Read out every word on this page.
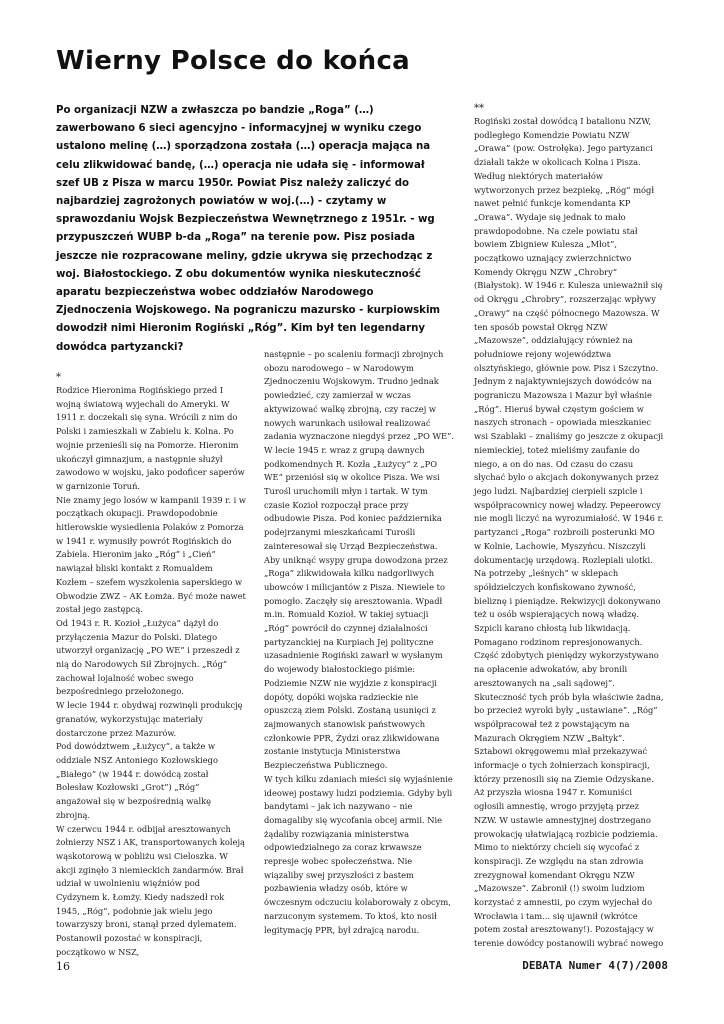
Wierny Polsce do końca

Po organizacji NZW a zwłaszcza po bandzie „Roga” (…) zawerbowano 6 sieci agencyjno - informacyjnej w wyniku czego ustalono melinę (…) sporządzona została (…) operacja mająca na celu zlikwidować bandę, (…) operacja nie udała się - informował szef UB z Pisza w marcu 1950r. Powiat Pisz należy zaliczyć do najbardziej zagrożonych powiatów w woj.(…) - czytamy w sprawozdaniu Wojsk Bezpieczeństwa Wewnętrznego z 1951r. - wg przypuszczeń WUBP b-da „Roga” na terenie pow. Pisz posiada jeszcze nie rozpracowane meliny, gdzie ukrywa się przechodząc z woj. Białostockiego. Z obu dokumentów wynika nieskuteczność aparatu bezpieczeństwa wobec oddziałów Narodowego Zjednoczenia Wojskowego. Na pograniczu mazursko - kurpiowskim dowodził nimi Hieronim Rogiński „Róg”. Kim był ten legendarny dowódca partyzancki?

*

Rodzice Hieronima Rogińskiego przed I wojną światową wyjechali do Ameryki. W 1911 r. doczekali się syna. Wrócili z nim do Polski i zamieszkali w Zabielu k. Kolna. Po wojnie przenieśli się na Pomorze. Hieronim ukończył gimnazjum, a następnie służył zawodowo w wojsku, jako podoficer saperów w garnizonie Toruń.

Nie znamy jego losów w kampanii 1939 r. i w początkach okupacji. Prawdopodobnie hitlerowskie wysiedlenia Polaków z Pomorza w 1941 r. wymusiły powrót Rogińskich do Zabiela. Hieronim jako „Róg” i „Cień” nawiązał bliski kontakt z Romualdem Kozłem – szefem wyszkolenia saperskiego w Obwodzie ZWZ – AK Łomża. Być może nawet został jego zastępcą.

Od 1943 r. R. Kozioł „Łużyca” dążył do przyłączenia Mazur do Polski. Dlatego utworzył organizację „PO WE” i przeszedł z nią do Narodowych Sił Zbrojnych. „Róg” zachował lojalność wobec swego bezpośredniego przełożonego.

W lecie 1944 r. obydwaj rozwinęli produkcję granatów, wykorzystując materiały dostarczone przez Mazurów.

Pod dowództwem „Łużycy”, a także w oddziale NSZ Antoniego Kozłowskiego „Białego” (w 1944 r. dowódcą został Bolesław Kozłowski „Grot”) „Róg” angażował się w bezpośrednią walkę zbrojną.

W czerwcu 1944 r. odbijał aresztowanych żołnierzy NSZ i AK, transportowanych koleją wąskotorową w pobliżu wsi Cieloszka. W akcji zginęło 3 niemieckich żandarmów. Brał udział w uwolnieniu więźniów pod Cydzynem k. Łomży. Kiedy nadszedł rok 1945, „Róg”, podobnie jak wielu jego towarzyszy broni, stanął przed dylematem. Postanowił pozostać w konspiracji, początkowo w NSZ,

następnie – po scaleniu formacji zbrojnych obozu narodowego – w Narodowym Zjednoczeniu Wojskowym. Trudno jednak powiedzieć, czy zamierzał w wczas aktywizować walkę zbrojną, czy raczej w nowych warunkach usiłował realizować zadania wyznaczone niegdyś przez „PO WE”. W lecie 1945 r. wraz z grupą dawnych podkomendnych R. Kozła „Łużycy” z „PO WE” przeniósł się w okolice Pisza. We wsi Turośl uruchomili młyn i tartak. W tym czasie Kozioł rozpoczął prace przy odbudowie Pisza. Pod koniec października podejrzanymi mieszkańcami Turośli zainteresował się Urząd Bezpieczeństwa.

Aby uniknąć wsypy grupa dowodzona przez „Roga” zlikwidowała kilku nadgorliwych ubowców i milicjantów z Pisza. Niewiele to pomogło. Zaczęły się aresztowania. Wpadł m.in. Romuald Kozioł. W takiej sytuacji „Róg” powrócił do czynnej działalności partyzanckiej na Kurpiach Jej polityczne uzasadnienie Rogiński zawarł w wysłanym do wojewody białostockiego piśmie: Podziemie NZW nie wyjdzie z konspiracji dopóty, dopóki wojska radzieckie nie opuszczą ziem Polski. Zostaną usunięci z zajmowanych stanowisk państwowych członkowie PPR, Żydzi oraz zlikwidowana zostanie instytucja Ministerstwa Bezpieczeństwa Publicznego.

W tych kilku zdaniach mieści się wyjaśnienie ideowej postawy ludzi podziemia. Gdyby byli bandytami – jak ich nazywano – nie domagaliby się wycofania obcej armii. Nie żądaliby rozwiązania ministerstwa odpowiedzialnego za coraz krwawsze represje wobec społeczeństwa. Nie wiązaliby swej przyszłości z bastem pozbawienia władzy osób, które w ówczesnym odczuciu kolaborowały z obcym, narzuconym systemem. To ktoś, kto nosił legitymację PPR, był zdrajcą narodu.

**

Rogiński został dowódcą I batalionu NZW, podległego Komendzie Powiatu NZW „Orawa” (pow. Ostrołęka). Jego partyzanci działali także w okolicach Kolna i Pisza. Według niektórych materiałów wytworzonych przez bezpiekę, „Róg” mógł nawet pełnić funkcje komendanta KP „Orawa”. Wydaje się jednak to mało prawdopodobne. Na czele powiatu stał bowiem Zbigniew Kulesza „Młot”, początkowo uznający zwierzchnictwo Komendy Okręgu NZW „Chrobry” (Białystok). W 1946 r. Kulesza unieważnił się od Okręgu „Chrobry”, rozszerzając wpływy „Orawy” na część północnego Mazowsza. W ten sposób powstał Okręg NZW „Mazowsze”, oddziałujący również na południowe rejony województwa olsztyńskiego, głównie pow. Pisz i Szczytno.

Jednym z najaktywniejszych dowódców na pograniczu Mazowsza i Mazur był właśnie „Róg”. Hieruś bywał częstym gościem w naszych stronach – opowiada mieszkaniec wsi Szablaki – znaliśmy go jeszcze z okupacji niemieckiej, toteż mieliśmy zaufanie do niego, a on do nas. Od czasu do czasu słychać było o akcjach dokonywanych przez jego ludzi. Najbardziej cierpieli szpicle i współpracownicy nowej władzy. Pepeerowcy nie mogli liczyć na wyrozumiałość. W 1946 r. partyzanci „Roga” rozbroili posterunki MO w Kolnie, Lachowie, Myszyńcu. Niszczyli dokumentację urzędową. Rozlepiali ulotki. Na potrzeby „leśnych” w sklepach spółdzielczych konfiskowano żywność, bieliznę i pieniądze. Rekwizycji dokonywano też u osób wspierających nową władzę. Szpicli karano chłostą lub likwidacją. Pomagano rodzinom represjonowanych. Część zdobytych pieniędzy wykorzystywano na opłacenie adwokatów, aby bronili aresztowanych na „sali sądowej”. Skuteczność tych prób była właściwie żadna, bo przecież wyroki były „ustawiane”. „Róg” współpracował też z powstającym na Mazurach Okręgiem NZW „Bałtyk”. Sztabowi okręgowemu miał przekazywać informacje o tych żołnierzach konspiracji, którzy przenosili się na Ziemie Odzyskane.

Aż przyszła wiosna 1947 r. Komuniści ogłosili amnestię, wrogo przyjętą przez NZW. W ustawie amnestyjnej dostrzegano prowokację ułatwiającą rozbicie podziemia. Mimo to niektórzy chcieli się wycofać z konspiracji. Ze względu na stan zdrowia zrezygnował komendant Okręgu NZW „Mazowsze”. Zabronił (!) swoim ludziom korzystać z amnestii, po czym wyjechał do Wrocławia i tam... się ujawnił (wkrótce potem został aresztowany!). Pozostający w terenie dowódcy postanowili wybrać nowego

16	DEBATA Numer 4(7)/2008
